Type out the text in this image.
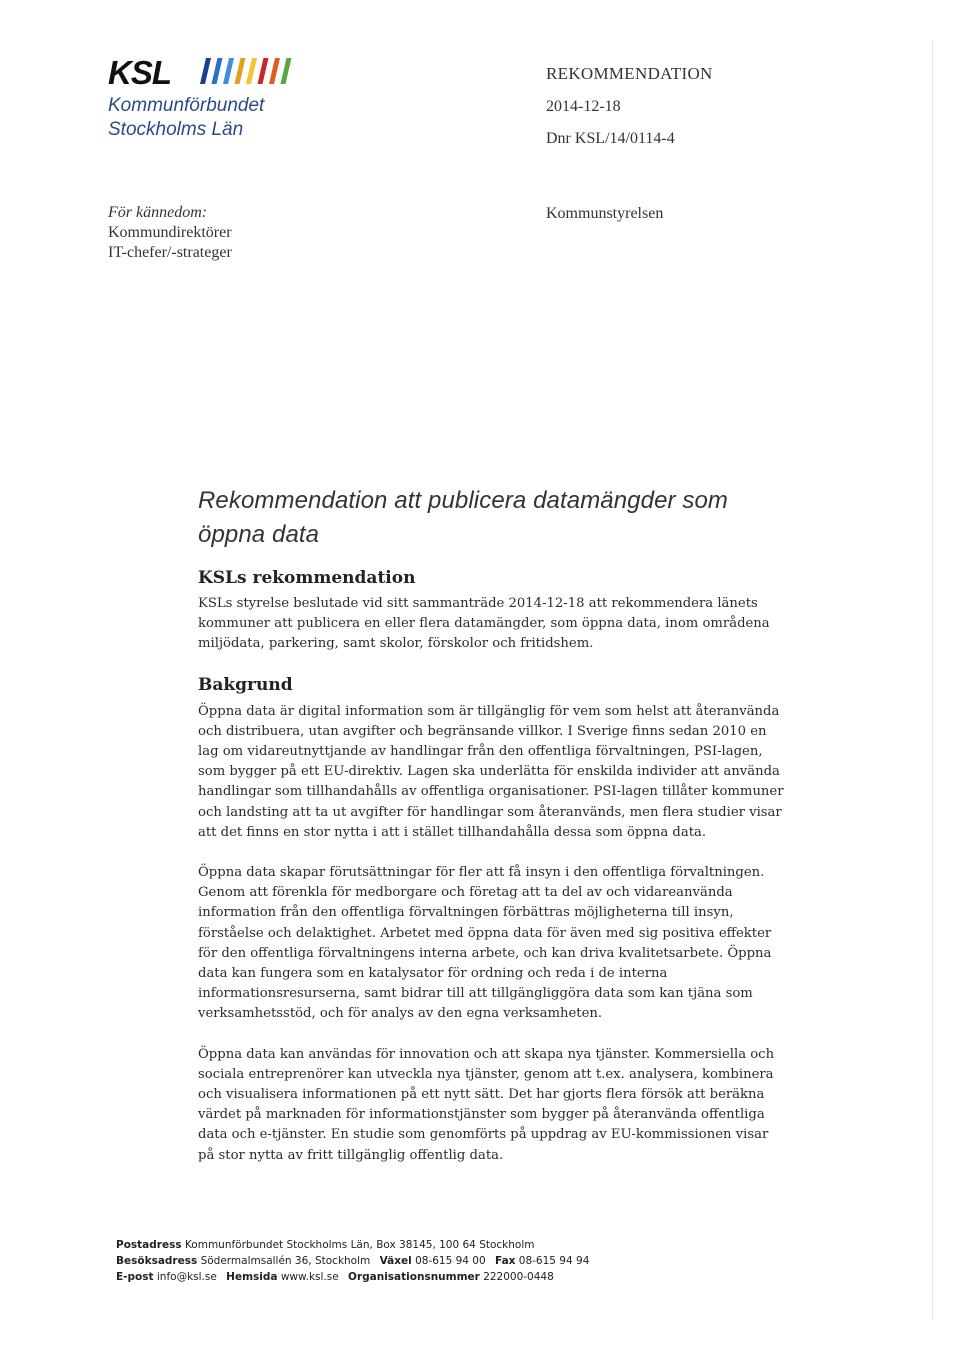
KSL
Kommunförbundet
Stockholms Län
REKOMMENDATION
2014-12-18
Dnr KSL/14/0114-4
Kommunstyrelsen
För kännedom:
Kommundirektörer
IT-chefer/-strateger
Rekommendation att publicera datamängder som
öppna data
KSLs rekommendation

KSLs styrelse beslutade vid sitt sammanträde 2014-12-18 att rekommendera länets kommuner att publicera en eller flera datamängder, som öppna data, inom områdena miljödata, parkering, samt skolor, förskolor och fritidshem.

Bakgrund

Öppna data är digital information som är tillgänglig för vem som helst att återanvända och distribuera, utan avgifter och begränsande villkor. I Sverige finns sedan 2010 en lag om vidareutnyttjande av handlingar från den offentliga förvaltningen, PSI-lagen, som bygger på ett EU-direktiv. Lagen ska underlätta för enskilda individer att använda handlingar som tillhandahålls av offentliga organisationer. PSI-lagen tillåter kommuner och landsting att ta ut avgifter för handlingar som återanvänds, men flera studier visar att det finns en stor nytta i att i stället tillhandahålla dessa som öppna data.

Öppna data skapar förutsättningar för fler att få insyn i den offentliga förvaltningen. Genom att förenkla för medborgare och företag att ta del av och vidareanvända information från den offentliga förvaltningen förbättras möjligheterna till insyn, förståelse och delaktighet. Arbetet med öppna data för även med sig positiva effekter för den offentliga förvaltningens interna arbete, och kan driva kvalitetsarbete. Öppna data kan fungera som en katalysator för ordning och reda i de interna informationsresurserna, samt bidrar till att tillgängliggöra data som kan tjäna som verksamhetsstöd, och för analys av den egna verksamheten.

Öppna data kan användas för innovation och att skapa nya tjänster. Kommersiella och sociala entreprenörer kan utveckla nya tjänster, genom att t.ex. analysera, kombinera och visualisera informationen på ett nytt sätt. Det har gjorts flera försök att beräkna värdet på marknaden för informationstjänster som bygger på återanvända offentliga data och e-tjänster. En studie som genomförts på uppdrag av EU-kommissionen visar på stor nytta av fritt tillgänglig offentlig data.

Postadress Kommunförbundet Stockholms Län, Box 38145, 100 64 Stockholm
Besöksadress Södermalmsallén 36, Stockholm Växel 08-615 94 00 Fax 08-615 94 94
E-post info@ksl.se Hemsida www.ksl.se Organisationsnummer 222000-0448
